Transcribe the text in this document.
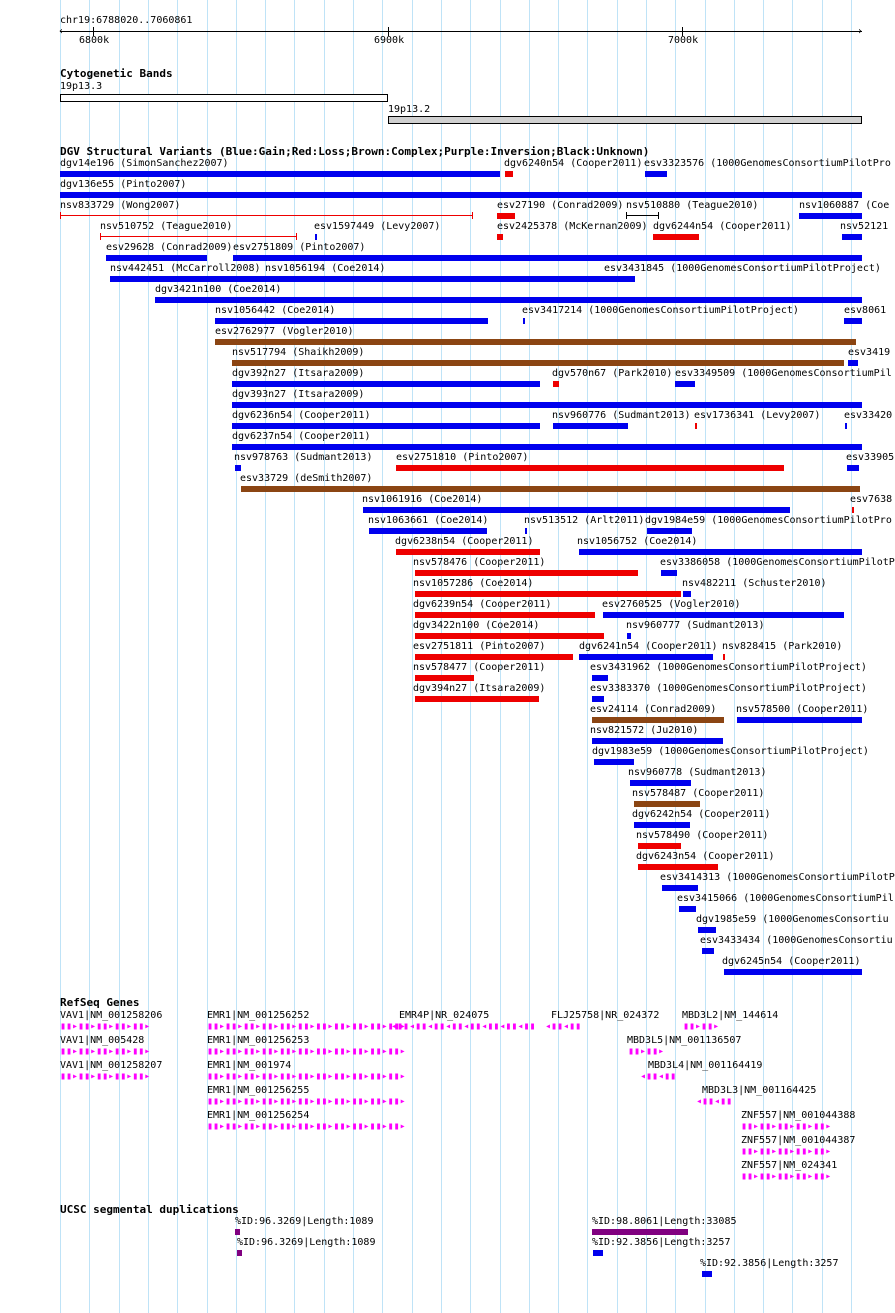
chr19:6788020..7060861
‹	›
6800k	6900k	7000k
Cytogenetic Bands
19p13.3
19p13.2
DGV Structural Variants (Blue:Gain;Red:Loss;Brown:Complex;Purple:Inversion;Black:Unknown)
dgv14e196 (SimonSanchez2007)	dgv6240n54 (Cooper2011) esv3323576 (1000GenomesConsortiumPilotPro
dgv136e55 (Pinto2007)
nsv833729 (Wong2007)	esv27190 (Conrad2009) nsv510880 (Teague2010)	nsv1060887 (Coe
nsv510752 (Teague2010)	esv1597449 (Levy2007)	esv2425378 (McKernan2009) dgv6244n54 (Cooper2011)	nsv52121
esv29628 (Conrad2009) esv2751809 (Pinto2007)
nsv442451 (McCarroll2008) nsv1056194 (Coe2014)	esv3431845 (1000GenomesConsortiumPilotProject)
dgv3421n100 (Coe2014)
nsv1056442 (Coe2014)	esv3417214 (1000GenomesConsortiumPilotProject)	esv8061
esv2762977 (Vogler2010)
nsv517794 (Shaikh2009)	esv3419
dgv392n27 (Itsara2009)	dgv570n67 (Park2010) esv3349509 (1000GenomesConsortiumPil
dgv393n27 (Itsara2009)
dgv6236n54 (Cooper2011)	nsv960776 (Sudmant2013) esv1736341 (Levy2007) esv33420
dgv6237n54 (Cooper2011)
nsv978763 (Sudmant2013) esv2751810 (Pinto2007)	esv33905
esv33729 (deSmith2007)
nsv1061916 (Coe2014)	esv7638
nsv1063661 (Coe2014)	nsv513512 (Arlt2011) dgv1984e59 (1000GenomesConsortiumPilotPro
dgv6238n54 (Cooper2011)	nsv1056752 (Coe2014)
nsv578476 (Cooper2011)	esv3386058 (1000GenomesConsortiumPilotP
nsv1057286 (Coe2014)	nsv482211 (Schuster2010)
dgv6239n54 (Cooper2011)	esv2760525 (Vogler2010)
dgv3422n100 (Coe2014)	nsv960777 (Sudmant2013)
esv2751811 (Pinto2007)	dgv6241n54 (Cooper2011) nsv828415 (Park2010)
nsv578477 (Cooper2011)	esv3431962 (1000GenomesConsortiumPilotProject)
dgv394n27 (Itsara2009)	esv3383370 (1000GenomesConsortiumPilotProject)
esv24114 (Conrad2009) nsv578500 (Cooper2011)
nsv821572 (Ju2010)
dgv1983e59 (1000GenomesConsortiumPilotProject)
nsv960778 (Sudmant2013)
nsv578487 (Cooper2011)
dgv6242n54 (Cooper2011)
nsv578490 (Cooper2011)
dgv6243n54 (Cooper2011)
esv3414313 (1000GenomesConsortiumPilotP
esv3415066 (1000GenomesConsortiumPil
dgv1985e59 (1000GenomesConsortiu
esv3433434 (1000GenomesConsortiu
dgv6245n54 (Cooper2011)
RefSeq Genes
VAV1|NM_001258206
▮▮▸▮▮▸▮▮▸▮▮▸▮▮▸
EMR1|NM_001256252
▮▮▸▮▮▸▮▮▸▮▮▸▮▮▸▮▮▸▮▮▸▮▮▸▮▮▸▮▮▸▮▮▸
EMR4P|NR_024075
◂▮▮◂▮▮◂▮▮◂▮▮◂▮▮◂▮▮◂▮▮◂▮▮
FLJ25758|NR_024372
◂▮▮◂▮▮
MBD3L2|NM_144614
▮▮▸▮▮▸
VAV1|NM_005428
▮▮▸▮▮▸▮▮▸▮▮▸▮▮▸
EMR1|NM_001256253
▮▮▸▮▮▸▮▮▸▮▮▸▮▮▸▮▮▸▮▮▸▮▮▸▮▮▸▮▮▸▮▮▸
MBD3L5|NM_001136507
▮▮▸▮▮▸
VAV1|NM_001258207
▮▮▸▮▮▸▮▮▸▮▮▸▮▮▸
EMR1|NM_001974
▮▮▸▮▮▸▮▮▸▮▮▸▮▮▸▮▮▸▮▮▸▮▮▸▮▮▸▮▮▸▮▮▸
MBD3L4|NM_001164419
◂▮▮◂▮▮
EMR1|NM_001256255
▮▮▸▮▮▸▮▮▸▮▮▸▮▮▸▮▮▸▮▮▸▮▮▸▮▮▸▮▮▸▮▮▸
MBD3L3|NM_001164425
◂▮▮◂▮▮
EMR1|NM_001256254
▮▮▸▮▮▸▮▮▸▮▮▸▮▮▸▮▮▸▮▮▸▮▮▸▮▮▸▮▮▸▮▮▸
ZNF557|NM_001044388
▮▮▸▮▮▸▮▮▸▮▮▸▮▮▸
ZNF557|NM_001044387
▮▮▸▮▮▸▮▮▸▮▮▸▮▮▸
ZNF557|NM_024341
▮▮▸▮▮▸▮▮▸▮▮▸▮▮▸
UCSC segmental duplications
%ID:96.3269|Length:1089	%ID:98.8061|Length:33085
%ID:96.3269|Length:1089	%ID:92.3856|Length:3257
%ID:92.3856|Length:3257
